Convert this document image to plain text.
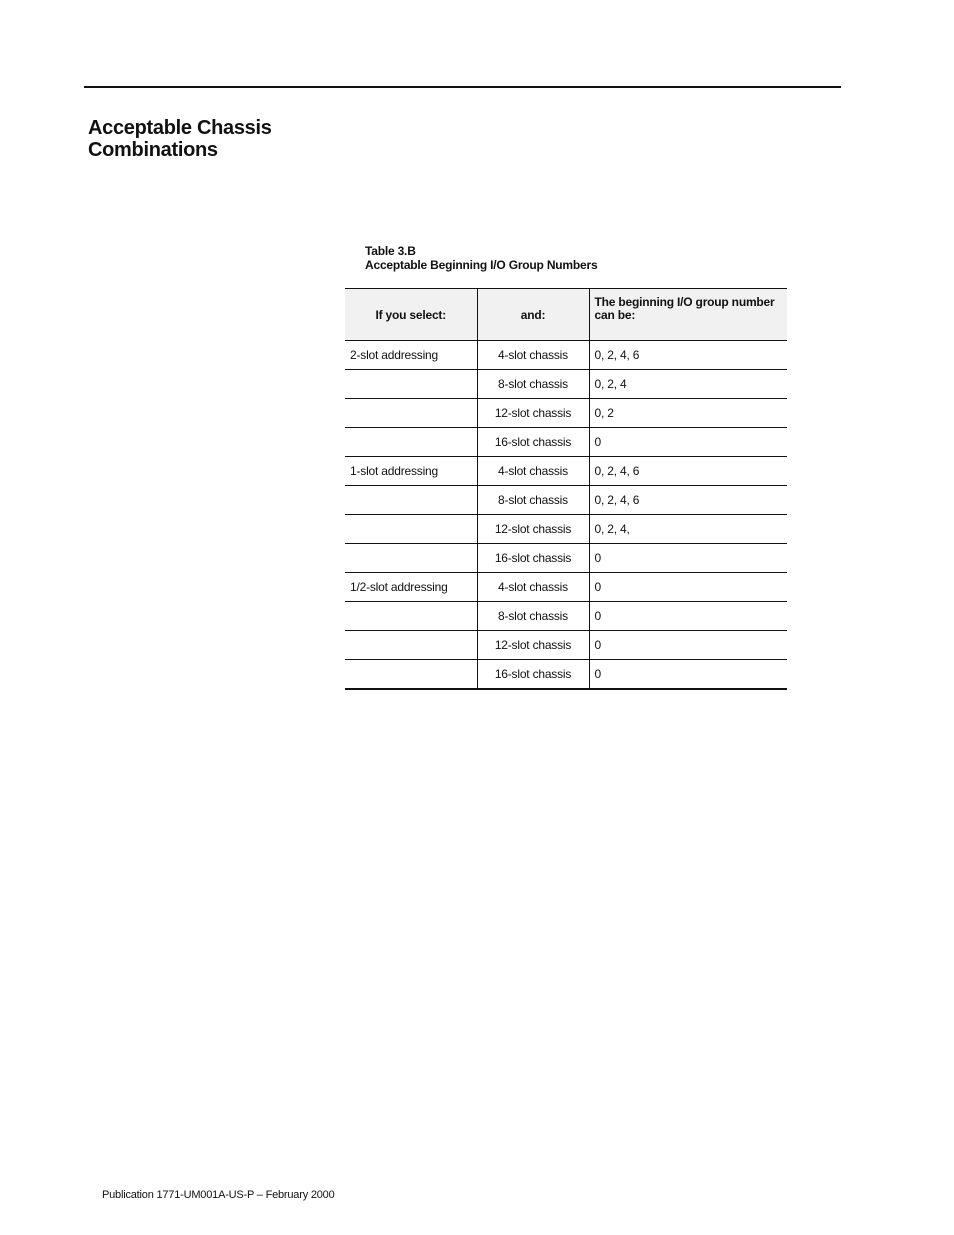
Acceptable Chassis
Combinations
Table 3.B
Acceptable Beginning I/O Group Numbers
If you select:	and:	The beginning I/O group number can be:
2-slot addressing	4-slot chassis	0, 2, 4, 6
	8-slot chassis	0, 2, 4
	12-slot chassis	0, 2
	16-slot chassis	0
1-slot addressing	4-slot chassis	0, 2, 4, 6
	8-slot chassis	0, 2, 4, 6
	12-slot chassis	0, 2, 4,
	16-slot chassis	0
1/2-slot addressing	4-slot chassis	0
	8-slot chassis	0
	12-slot chassis	0
	16-slot chassis	0
Publication 1771-UM001A-US-P – February 2000
